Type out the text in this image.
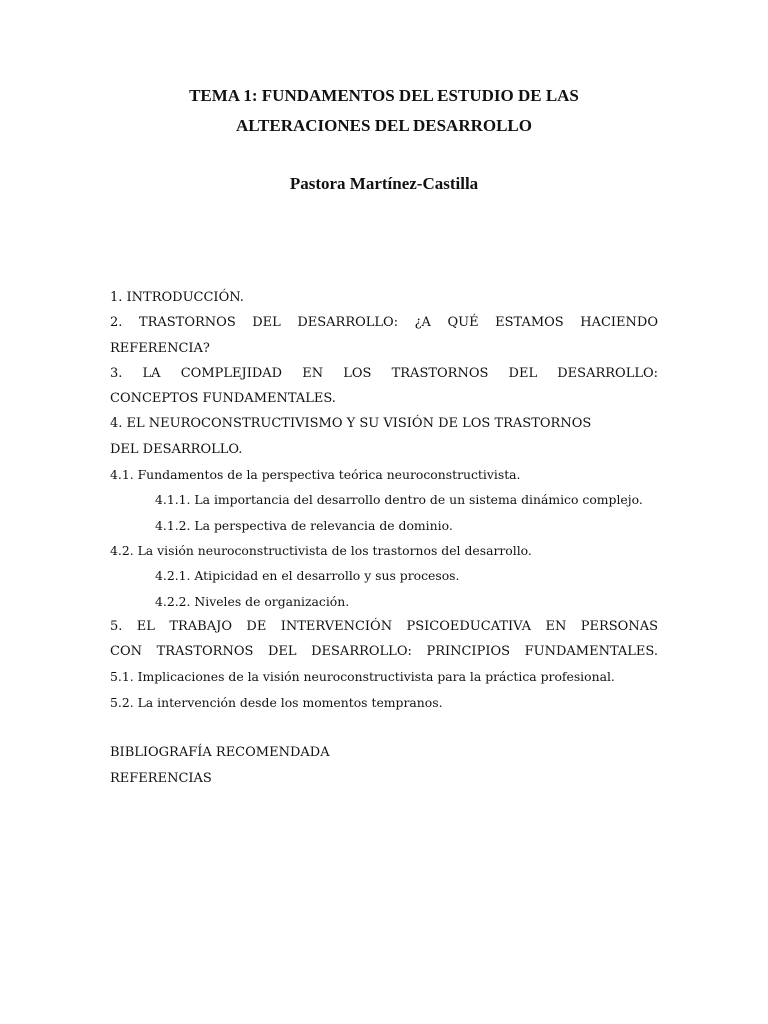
TEMA 1: FUNDAMENTOS DEL ESTUDIO DE LAS
ALTERACIONES DEL DESARROLLO
Pastora Martínez-Castilla
1. INTRODUCCIÓN.
2. TRASTORNOS DEL DESARROLLO: ¿A QUÉ ESTAMOS HACIENDO
REFERENCIA?
3. LA COMPLEJIDAD EN LOS TRASTORNOS DEL DESARROLLO:
CONCEPTOS FUNDAMENTALES.
4. EL NEUROCONSTRUCTIVISMO Y SU VISIÓN DE LOS TRASTORNOS
DEL DESARROLLO.
4.1. Fundamentos de la perspectiva teórica neuroconstructivista.
4.1.1. La importancia del desarrollo dentro de un sistema dinámico complejo.
4.1.2. La perspectiva de relevancia de dominio.
4.2. La visión neuroconstructivista de los trastornos del desarrollo.
4.2.1. Atipicidad en el desarrollo y sus procesos.
4.2.2. Niveles de organización.
5. EL TRABAJO DE INTERVENCIÓN PSICOEDUCATIVA EN PERSONAS
CON TRASTORNOS DEL DESARROLLO: PRINCIPIOS FUNDAMENTALES.
5.1. Implicaciones de la visión neuroconstructivista para la práctica profesional.
5.2. La intervención desde los momentos tempranos.
BIBLIOGRAFÍA RECOMENDADA
REFERENCIAS
